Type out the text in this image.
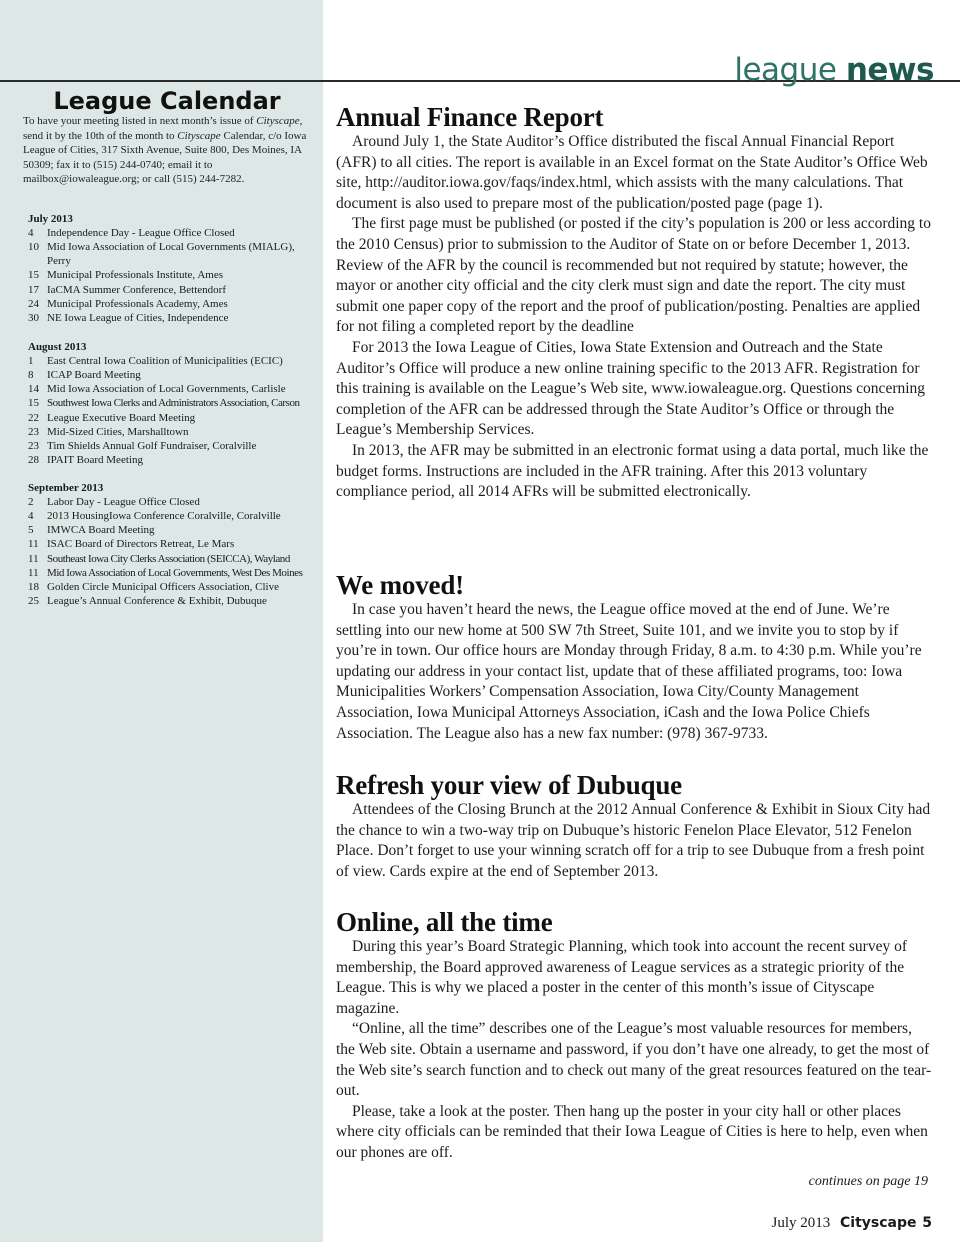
league news
League Calendar
To have your meeting listed in next month’s issue of Cityscape, send it by the 10th of the month to Cityscape Calendar, c/o Iowa League of Cities, 317 Sixth Avenue, Suite 800, Des Moines, IA 50309; fax it to (515) 244-0740; email it to mailbox@iowaleague.org; or call (515) 244-7282.
July 2013
4	Independence Day - League Office Closed
10 Mid Iowa Association of Local Governments (MIALG), Perry
15 Municipal Professionals Institute, Ames
17 IaCMA Summer Conference, Bettendorf
24 Municipal Professionals Academy, Ames
30 NE Iowa League of Cities, Independence
August 2013
1	East Central Iowa Coalition of Municipalities (ECIC)
8	ICAP Board Meeting
14 Mid Iowa Association of Local Governments, Carlisle
15 Southwest Iowa Clerks and Administrators Association, Carson
22 League Executive Board Meeting
23 Mid-Sized Cities, Marshalltown
23 Tim Shields Annual Golf Fundraiser, Coralville
28 IPAIT Board Meeting
September 2013
2	Labor Day - League Office Closed
4	2013 HousingIowa Conference Coralville, Coralville
5	IMWCA Board Meeting
11 ISAC Board of Directors Retreat, Le Mars
11 Southeast Iowa City Clerks Association (SEICCA), Wayland
11 Mid Iowa Association of Local Governments, West Des Moines
18 Golden Circle Municipal Officers Association, Clive
25 League’s Annual Conference & Exhibit, Dubuque
Annual Finance Report

Around July 1, the State Auditor’s Office distributed the fiscal Annual Financial Report (AFR) to all cities. The report is available in an Excel format on the State Auditor’s Office Web site, http://auditor.iowa.gov/faqs/index.html, which assists with the many calculations. That document is also used to prepare most of the publication/posted page (page 1).

The first page must be published (or posted if the city’s population is 200 or less according to the 2010 Census) prior to submission to the Auditor of State on or before December 1, 2013. Review of the AFR by the council is recommended but not required by statute; however, the mayor or another city official and the city clerk must sign and date the report. The city must submit one paper copy of the report and the proof of publication/posting. Penalties are applied for not filing a completed report by the deadline

For 2013 the Iowa League of Cities, Iowa State Extension and Outreach and the State Auditor’s Office will produce a new online training specific to the 2013 AFR. Registration for this training is available on the League’s Web site, www.iowaleague.org. Questions concerning completion of the AFR can be addressed through the State Auditor’s Office or through the League’s Membership Services.

In 2013, the AFR may be submitted in an electronic format using a data portal, much like the budget forms. Instructions are included in the AFR training. After this 2013 voluntary compliance period, all 2014 AFRs will be submitted electronically.

We moved!

In case you haven’t heard the news, the League office moved at the end of June. We’re settling into our new home at 500 SW 7th Street, Suite 101, and we invite you to stop by if you’re in town. Our office hours are Monday through Friday, 8 a.m. to 4:30 p.m. While you’re updating our address in your contact list, update that of these affiliated programs, too: Iowa Municipalities Workers’ Compensation Association, Iowa City/County Management Association, Iowa Municipal Attorneys Association, iCash and the Iowa Police Chiefs Association. The League also has a new fax number: (978) 367-9733.

Refresh your view of Dubuque

Attendees of the Closing Brunch at the 2012 Annual Conference & Exhibit in Sioux City had the chance to win a two-way trip on Dubuque’s historic Fenelon Place Elevator, 512 Fenelon Place. Don’t forget to use your winning scratch off for a trip to see Dubuque from a fresh point of view. Cards expire at the end of September 2013.

Online, all the time

During this year’s Board Strategic Planning, which took into account the recent survey of membership, the Board approved awareness of League services as a strategic priority of the League. This is why we placed a poster in the center of this month’s issue of Cityscape magazine.

“Online, all the time” describes one of the League’s most valuable resources for members, the Web site. Obtain a username and password, if you don’t have one already, to get the most of the Web site’s search function and to check out many of the great resources featured on the tear-out.

Please, take a look at the poster. Then hang up the poster in your city hall or other places where city officials can be reminded that their Iowa League of Cities is here to help, even when our phones are off.

continues on page 19
July 2013 Cityscape 5
